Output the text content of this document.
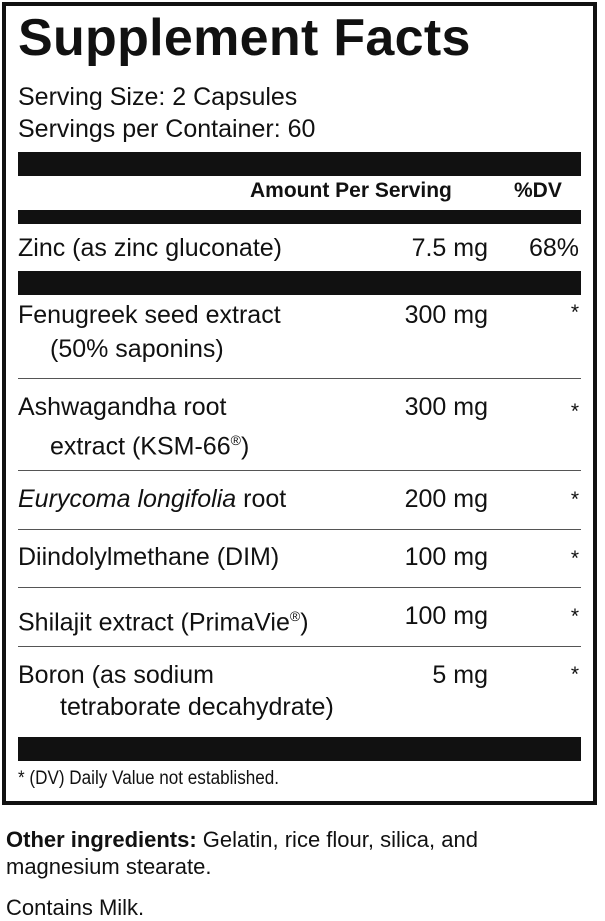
Supplement Facts
Serving Size: 2 Capsules
Servings per Container: 60
Amount Per Serving	%DV
Zinc (as zinc gluconate)	7.5 mg	68%
Fenugreek seed extract
(50% saponins)
300 mg	*
Ashwagandha root
extract (KSM-66®)
300 mg	*
Eurycoma longifolia root	200 mg	*
Diindolylmethane (DIM)	100 mg	*
Shilajit extract (PrimaVie®)	100 mg	*
Boron (as sodium
tetraborate decahydrate)
5 mg	*
* (DV) Daily Value not established.
Other ingredients: Gelatin, rice flour, silica, and magnesium stearate.
Contains Milk.
